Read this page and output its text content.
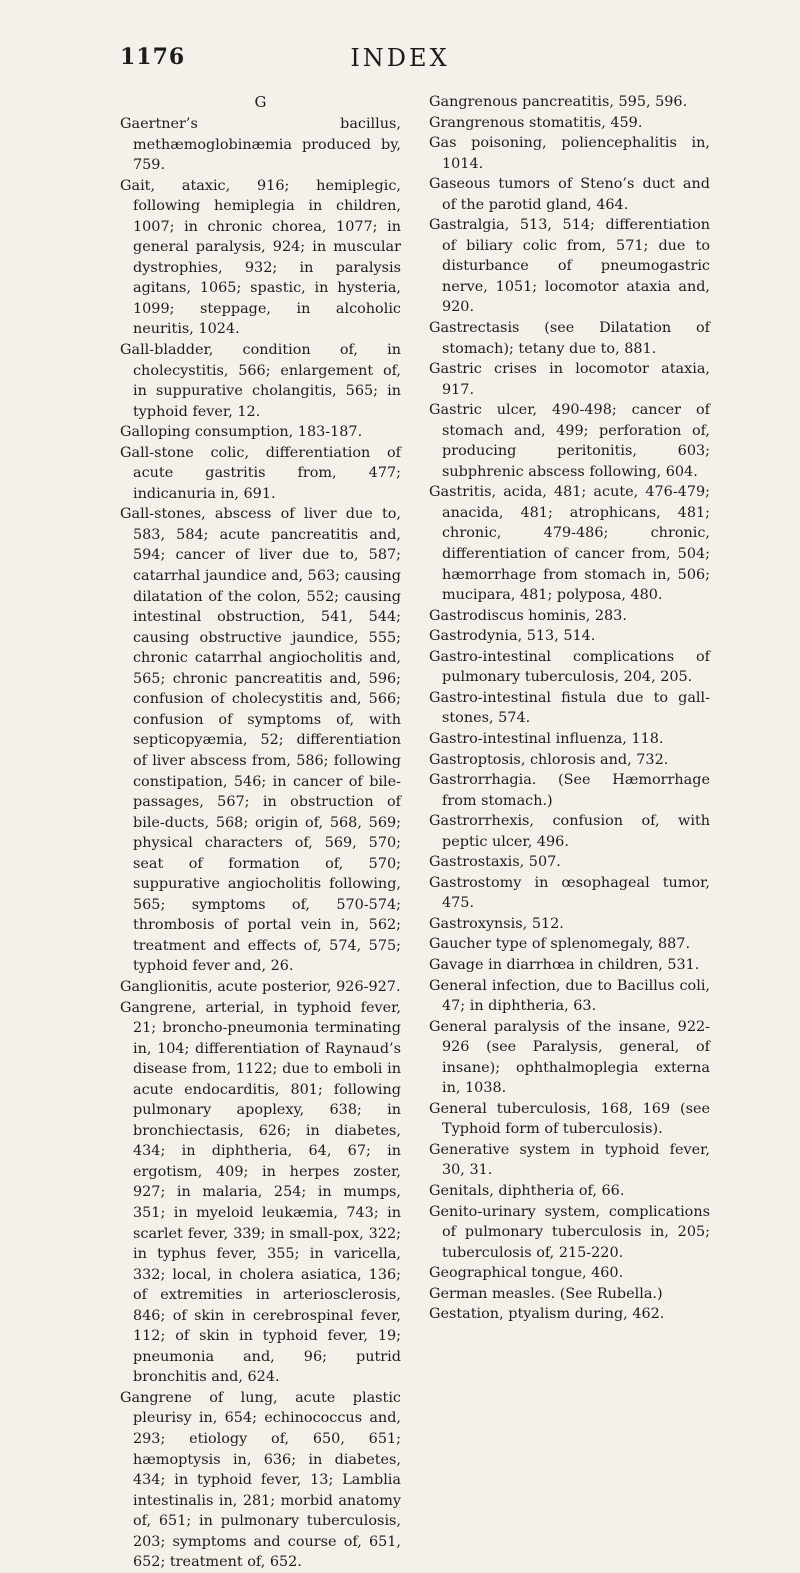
1176	INDEX
G

Gaertner’s bacillus, methæmoglobinæmia produced by, 759.

Gait, ataxic, 916; hemiplegic, following hemiplegia in children, 1007; in chronic chorea, 1077; in general paralysis, 924; in muscular dystrophies, 932; in paralysis agitans, 1065; spastic, in hysteria, 1099; steppage, in alcoholic neuritis, 1024.

Gall-bladder, condition of, in cholecystitis, 566; enlargement of, in suppurative cholangitis, 565; in typhoid fever, 12.

Galloping consumption, 183-187.

Gall-stone colic, differentiation of acute gastritis from, 477; indicanuria in, 691.

Gall-stones, abscess of liver due to, 583, 584; acute pancreatitis and, 594; cancer of liver due to, 587; catarrhal jaundice and, 563; causing dilatation of the colon, 552; causing intestinal obstruction, 541, 544; causing obstructive jaundice, 555; chronic catarrhal angiocholitis and, 565; chronic pancreatitis and, 596; confusion of cholecystitis and, 566; confusion of symptoms of, with septicopyæmia, 52; differentiation of liver abscess from, 586; following constipation, 546; in cancer of bile-passages, 567; in obstruction of bile-ducts, 568; origin of, 568, 569; physical characters of, 569, 570; seat of formation of, 570; suppurative angiocholitis following, 565; symptoms of, 570-574; thrombosis of portal vein in, 562; treatment and effects of, 574, 575; typhoid fever and, 26.

Ganglionitis, acute posterior, 926-927.

Gangrene, arterial, in typhoid fever, 21; broncho-pneumonia terminating in, 104; differentiation of Raynaud’s disease from, 1122; due to emboli in acute endocarditis, 801; following pulmonary apoplexy, 638; in bronchiectasis, 626; in diabetes, 434; in diphtheria, 64, 67; in ergotism, 409; in herpes zoster, 927; in malaria, 254; in mumps, 351; in myeloid leukæmia, 743; in scarlet fever, 339; in small-pox, 322; in typhus fever, 355; in varicella, 332; local, in cholera asiatica, 136; of extremities in arteriosclerosis, 846; of skin in cerebrospinal fever, 112; of skin in typhoid fever, 19; pneumonia and, 96; putrid bronchitis and, 624.

Gangrene of lung, acute plastic pleurisy in, 654; echinococcus and, 293; etiology of, 650, 651; hæmoptysis in, 636; in diabetes, 434; in typhoid fever, 13; Lamblia intestinalis in, 281; morbid anatomy of, 651; in pulmonary tuberculosis, 203; symptoms and course of, 651, 652; treatment of, 652.

Gangrenous pancreatitis, 595, 596.

Grangrenous stomatitis, 459.

Gas poisoning, poliencephalitis in, 1014.

Gaseous tumors of Steno’s duct and of the parotid gland, 464.

Gastralgia, 513, 514; differentiation of biliary colic from, 571; due to disturbance of pneumogastric nerve, 1051; locomotor ataxia and, 920.

Gastrectasis (see Dilatation of stomach); tetany due to, 881.

Gastric crises in locomotor ataxia, 917.

Gastric ulcer, 490-498; cancer of stomach and, 499; perforation of, producing peritonitis, 603; subphrenic abscess following, 604.

Gastritis, acida, 481; acute, 476-479; anacida, 481; atrophicans, 481; chronic, 479-486; chronic, differentiation of cancer from, 504; hæmorrhage from stomach in, 506; mucipara, 481; polyposa, 480.

Gastrodiscus hominis, 283.

Gastrodynia, 513, 514.

Gastro-intestinal complications of pulmonary tuberculosis, 204, 205.

Gastro-intestinal fistula due to gall-stones, 574.

Gastro-intestinal influenza, 118.

Gastroptosis, chlorosis and, 732.

Gastrorrhagia. (See Hæmorrhage from stomach.)

Gastrorrhexis, confusion of, with peptic ulcer, 496.

Gastrostaxis, 507.

Gastrostomy in œsophageal tumor, 475.

Gastroxynsis, 512.

Gaucher type of splenomegaly, 887.

Gavage in diarrhœa in children, 531.

General infection, due to Bacillus coli, 47; in diphtheria, 63.

General paralysis of the insane, 922-926 (see Paralysis, general, of insane); ophthalmoplegia externa in, 1038.

General tuberculosis, 168, 169 (see Typhoid form of tuberculosis).

Generative system in typhoid fever, 30, 31.

Genitals, diphtheria of, 66.

Genito-urinary system, complications of pulmonary tuberculosis in, 205; tuberculosis of, 215-220.

Geographical tongue, 460.

German measles. (See Rubella.)

Gestation, ptyalism during, 462.
